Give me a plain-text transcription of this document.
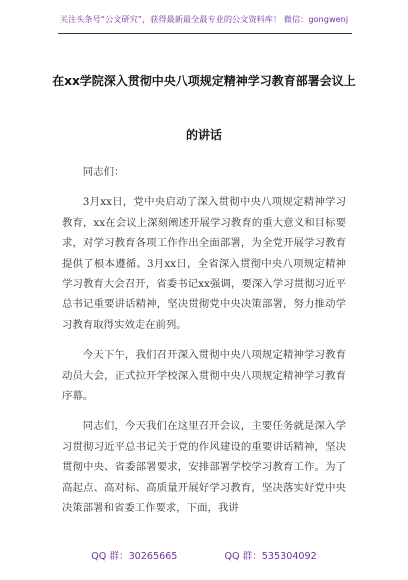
关注头条号“公文研究”，获得最新最全最专业的公文资料库！ 微信：gongwenj
在xx学院深入贯彻中央八项规定精神学习教育部署会议上
的讲话

同志们：

3月xx日，党中央启动了深入贯彻中央八项规定精神学习教育，xx在会议上深刻阐述开展学习教育的重大意义和目标要求，对学习教育各项工作作出全面部署，为全党开展学习教育提供了根本遵循。3月xx日，全省深入贯彻中央八项规定精神学习教育大会召开，省委书记xx强调，要深入学习贯彻习近平总书记重要讲话精神，坚决贯彻党中央决策部署，努力推动学习教育取得实效走在前列。

今天下午，我们召开深入贯彻中央八项规定精神学习教育动员大会，正式拉开学校深入贯彻中央八项规定精神学习教育序幕。

同志们，今天我们在这里召开会议，主要任务就是深入学习贯彻习近平总书记关于党的作风建设的重要讲话精神，坚决贯彻中央、省委部署要求，安排部署学校学习教育工作。为了高起点、高对标、高质量开展好学习教育，坚决落实好党中央决策部署和省委工作要求，下面，我讲

QQ 群：30265665	QQ 群：535304092
